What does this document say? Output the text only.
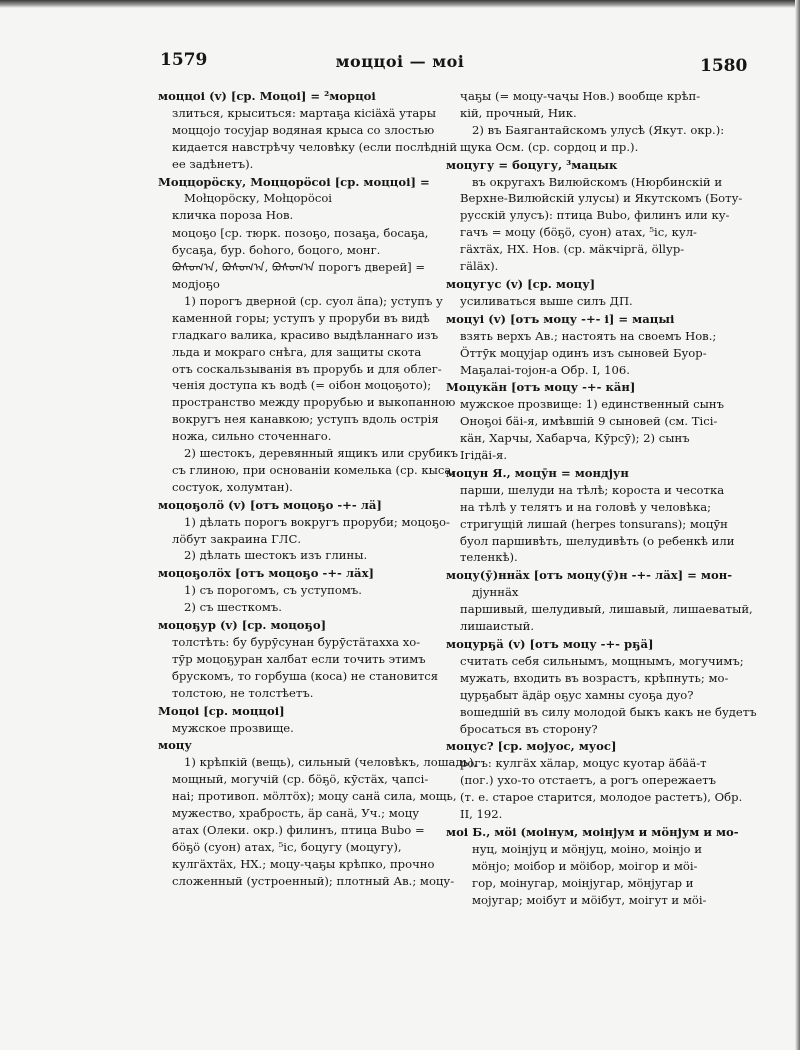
1579	моццоі — моі	1580
моццоі (v) [ср. Моцоі] = ²морцоі
злиться, крыситься: мартаҕа кісіäхä утары
моццојо тосујар водяная крыса со злостью
кидается навстрѣчу человѣку (если послѣдній
ее задѣнетъ).
Моццорöску, Моццорöсоі [ср. моццоі] =
Моłцорöску, Моłцорöсоі
кличка пороза Нов.
моцоҕо [ср. тюрк. позоҕо, позаҕа, босаҕа,
бусаҕа, бур. боһого, боцого, монг.
ᠪᠣᠰᠤᠭ᠎ᠠ, ᠪᠣᠰᠤᠭ᠎ᠠ, ᠪᠣᠰᠤᠭ᠎ᠠ порогъ дверей] =
модјоҕо
1) порогъ дверной (ср. суол äпа); уступъ у
каменной горы; уступъ у проруби въ видѣ
гладкаго валика, красиво выдѣланнаго изъ
льда и мокраго снѣга, для защиты скота
отъ соскальзыванія въ прорубь и для облег-
ченія доступа къ водѣ (= оібон моцоҕото);
пространство между прорубью и выкопанною
вокругъ нея канавкою; уступъ вдоль острія
ножа, сильно сточеннаго.
2) шестокъ, деревянный ящикъ или срубикъ
съ глиною, при основаніи комелька (ср. кыса,
состуок, холумтан).
моцоҕолö (v) [отъ моцоҕо -+- лä]
1) дѣлать порогъ вокругъ проруби; моцоҕо-
лöбут закраина ГЛС.
2) дѣлать шестокъ изъ глины.
моцоҕолöх [отъ моцоҕо -+- лäх]
1) съ порогомъ, съ уступомъ.
2) съ шесткомъ.
моцоҕур (v) [ср. моцоҕо]
толстѣть: бу бурӯсунан бурӯстäтахха хо-
тӯр моцоҕуран халбат если точить этимъ
брускомъ, то горбуша (коса) не становится
толстою, не толстѣетъ.
Моцоі [ср. моццоі]
мужское прозвище.
моцу
1) крѣпкій (вещь), сильный (человѣкъ, лошадь),
мощный, могучій (ср. бöҕö, кӯстäх, ҷапсі-
наі; противоп. мöлтöх); моцу санä сила, мощь,
мужество, храбрость, äр санä, Уч.; моцу
атах (Олеки. окр.) филинъ, птица Bubo =
бöҕö (суон) атах, ⁵іс, боцугу (моцугу),
кулгäхтäх, НХ.; моцу-ҷаҕы крѣпко, прочно
сложенный (устроенный); плотный Ав.; моцу-
ҷаҕы (= моцу-чаҷы Нов.) вообще крѣп-
кій, прочный, Ник.
2) въ Баягантайскомъ улусѣ (Якут. окр.):
щука Осм. (ср. сордоц и пр.).
моцугу = боцугу, ³мацык
въ округахъ Вилюйскомъ (Нюрбинскій и
Верхне-Вилюйскій улусы) и Якутскомъ (Боту-
русскій улусъ): птица Bubo, филинъ или ку-
гачъ = моцу (бöҕö, суон) атах, ⁵іс, кул-
гäхтäх, НХ. Нов. (ср. мäкчіргä, öllур-
гäläх).
моцугус (v) [ср. моцу]
усиливаться выше силъ ДП.
моцуі (v) [отъ моцу -+- і] = мацыі
взять верхъ Ав.; настоять на своемъ Нов.;
Öттӯк моцујар одинъ изъ сыновей Буор-
Маҕалаі-тојон-а Обр. I, 106.
Моцукäн [отъ моцу -+- кäн]
мужское прозвище: 1) единственный сынъ
Оноҕоі бäі-я, имѣвшій 9 сыновей (см. Тісі-
кäн, Харчы, Хабарча, Кӯрсӯ); 2) сынъ
Ігідäі-я.
моцун Я., моцӯн = мондјун
парши, шелуди на тѣлѣ; короста и чесотка
на тѣлѣ у телятъ и на головѣ у человѣка;
стригущій лишай (herpes tonsurans); моцӯн
буол паршивѣть, шелудивѣть (о ребенкѣ или
теленкѣ).
моцу(ӯ)ннäх [отъ моцу(ӯ)н -+- лäх] = мон-
дјуннäх
паршивый, шелудивый, лишавый, лишаеватый,
лишаистый.
моцурҕä (v) [отъ моцу -+- рҕä]
считать себя сильнымъ, мощнымъ, могучимъ;
мужать, входить въ возрастъ, крѣпнуть; мо-
цурҕабыт äдäр оҕус хамны суоҕа дуо?
вошедшій въ силу молодой быкъ какъ не будетъ
бросаться въ сторону?
моцус? [ср. мојуос, муос]
рогъ: кулгäх хäлар, моцус куотар äбää-т
(пог.) ухо-то отстаетъ, а рогъ опережаетъ
(т. е. старое старится, молодое растетъ), Обр.
II, 192.
моі Б., мöі (моінум, моінјум и мöнјум и мо-
нуц, моінјуц и мöнјуц, моіно, моінјо и
мöнјо; моібор и мöібор, моігор и мöі-
гор, моінугар, моінјугар, мöнјугар и
мојугар; моібут и мöібут, моігут и мöі-
